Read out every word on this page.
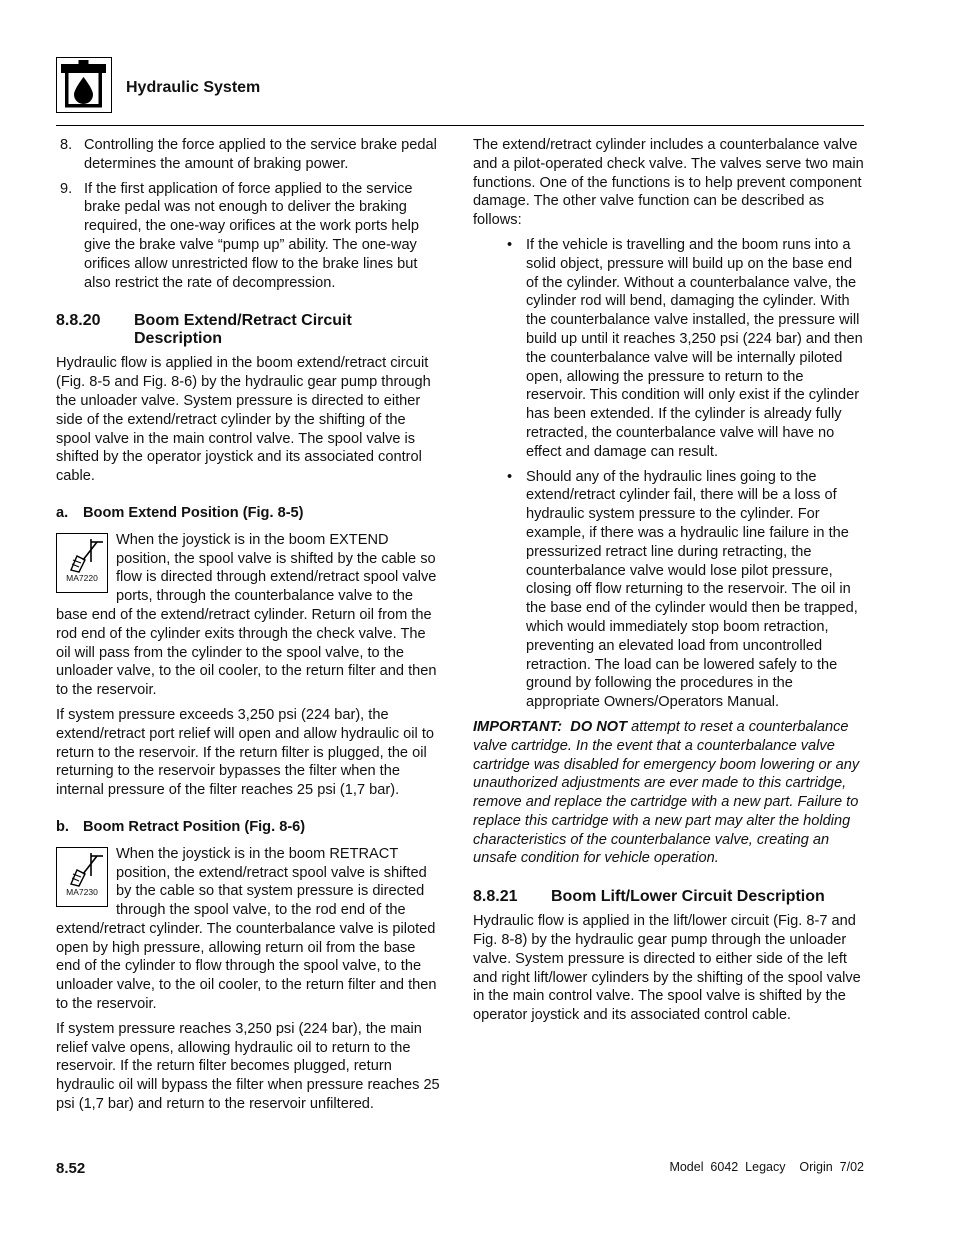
Hydraulic System
8. Controlling the force applied to the service brake pedal determines the amount of braking power.
9. If the first application of force applied to the service brake pedal was not enough to deliver the braking required, the one-way orifices at the work ports help give the brake valve “pump up” ability. The one-way orifices allow unrestricted flow to the brake lines but also restrict the rate of decompression.
8.8.20	Boom Extend/Retract Circuit Description

Hydraulic flow is applied in the boom extend/retract circuit (Fig. 8-5 and Fig. 8-6) by the hydraulic gear pump through the unloader valve. System pressure is directed to either side of the extend/retract cylinder by the shifting of the spool valve in the main control valve. The spool valve is shifted by the operator joystick and its associated control cable.

a.	Boom Extend Position (Fig. 8-5)
MA7220

When the joystick is in the boom EXTEND position, the spool valve is shifted by the cable so flow is directed through extend/retract spool valve ports, through the counterbalance valve to the base end of the extend/retract cylinder. Return oil from the rod end of the cylinder exits through the check valve. The oil will pass from the cylinder to the spool valve, to the unloader valve, to the oil cooler, to the return filter and then to the reservoir.

If system pressure exceeds 3,250 psi (224 bar), the extend/retract port relief will open and allow hydraulic oil to return to the reservoir. If the return filter is plugged, the oil returning to the reservoir bypasses the filter when the internal pressure of the filter reaches 25 psi (1,7 bar).

b. Boom Retract Position (Fig. 8-6)
MA7230

When the joystick is in the boom RETRACT position, the extend/retract spool valve is shifted by the cable so that system pressure is directed through the spool valve, to the rod end of the extend/retract cylinder. The counterbalance valve is piloted open by high pressure, allowing return oil from the base end of the cylinder to flow through the spool valve, to the unloader valve, to the oil cooler, to the return filter and then to the reservoir.

If system pressure reaches 3,250 psi (224 bar), the main relief valve opens, allowing hydraulic oil to return to the reservoir. If the return filter becomes plugged, return hydraulic oil will bypass the filter when pressure reaches 25 psi (1,7 bar) and return to the reservoir unfiltered.

The extend/retract cylinder includes a counterbalance valve and a pilot-operated check valve. The valves serve two main functions. One of the functions is to help prevent component damage. The other valve function can be described as follows:

• If the vehicle is travelling and the boom runs into a solid object, pressure will build up on the base end of the cylinder. Without a counterbalance valve, the cylinder rod will bend, damaging the cylinder. With the counterbalance valve installed, the pressure will build up until it reaches 3,250 psi (224 bar) and then the counterbalance valve will be internally piloted open, allowing the pressure to return to the reservoir. This condition will only exist if the cylinder has been extended. If the cylinder is already fully retracted, the counterbalance valve will have no effect and damage can result.
• Should any of the hydraulic lines going to the extend/retract cylinder fail, there will be a loss of hydraulic system pressure to the cylinder. For example, if there was a hydraulic line failure in the pressurized retract line during retracting, the counterbalance valve would lose pilot pressure, closing off flow returning to the reservoir. The oil in the base end of the cylinder would then be trapped, which would immediately stop boom retraction, preventing an elevated load from uncontrolled retraction. The load can be lowered safely to the ground by following the procedures in the appropriate Owners/Operators Manual.

IMPORTANT: DO NOT attempt to reset a counterbalance valve cartridge. In the event that a counterbalance valve cartridge was disabled for emergency boom lowering or any unauthorized adjustments are ever made to this cartridge, remove and replace the cartridge with a new part. Failure to replace this cartridge with a new part may alter the holding characteristics of the counterbalance valve, creating an unsafe condition for vehicle operation.

8.8.21	Boom Lift/Lower Circuit Description

Hydraulic flow is applied in the lift/lower circuit (Fig. 8-7 and Fig. 8-8) by the hydraulic gear pump through the unloader valve. System pressure is directed to either side of the left and right lift/lower cylinders by the shifting of the spool valve in the main control valve. The spool valve is shifted by the operator joystick and its associated control cable.

8.52	Model  6042  Legacy    Origin  7/02
